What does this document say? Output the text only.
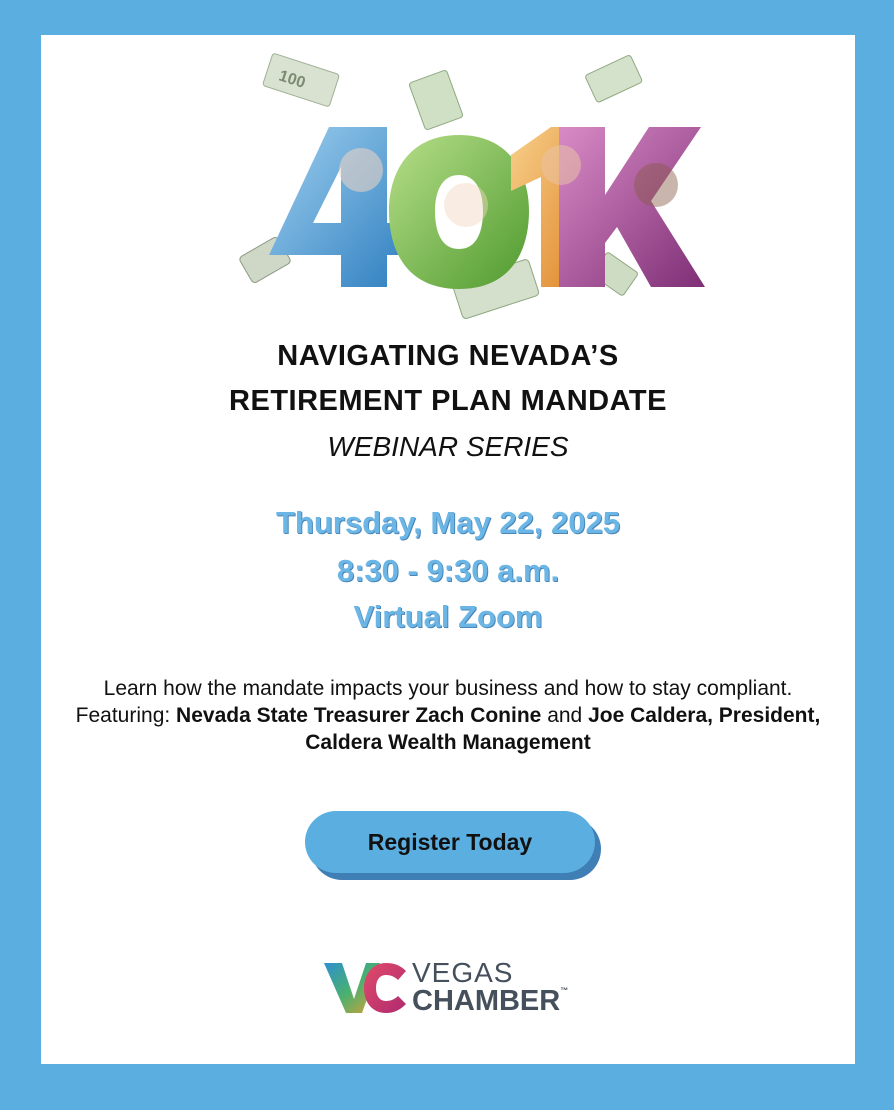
100
401K
NAVIGATING NEVADA’S
RETIREMENT PLAN MANDATE
WEBINAR SERIES
Thursday, May 22, 2025
8:30 - 9:30 a.m.
Virtual Zoom
Learn how the mandate impacts your business and how to stay compliant. Featuring: Nevada State Treasurer Zach Conine and Joe Caldera, President, Caldera Wealth Management
Register Today
VEGAS
CHAMBER™
